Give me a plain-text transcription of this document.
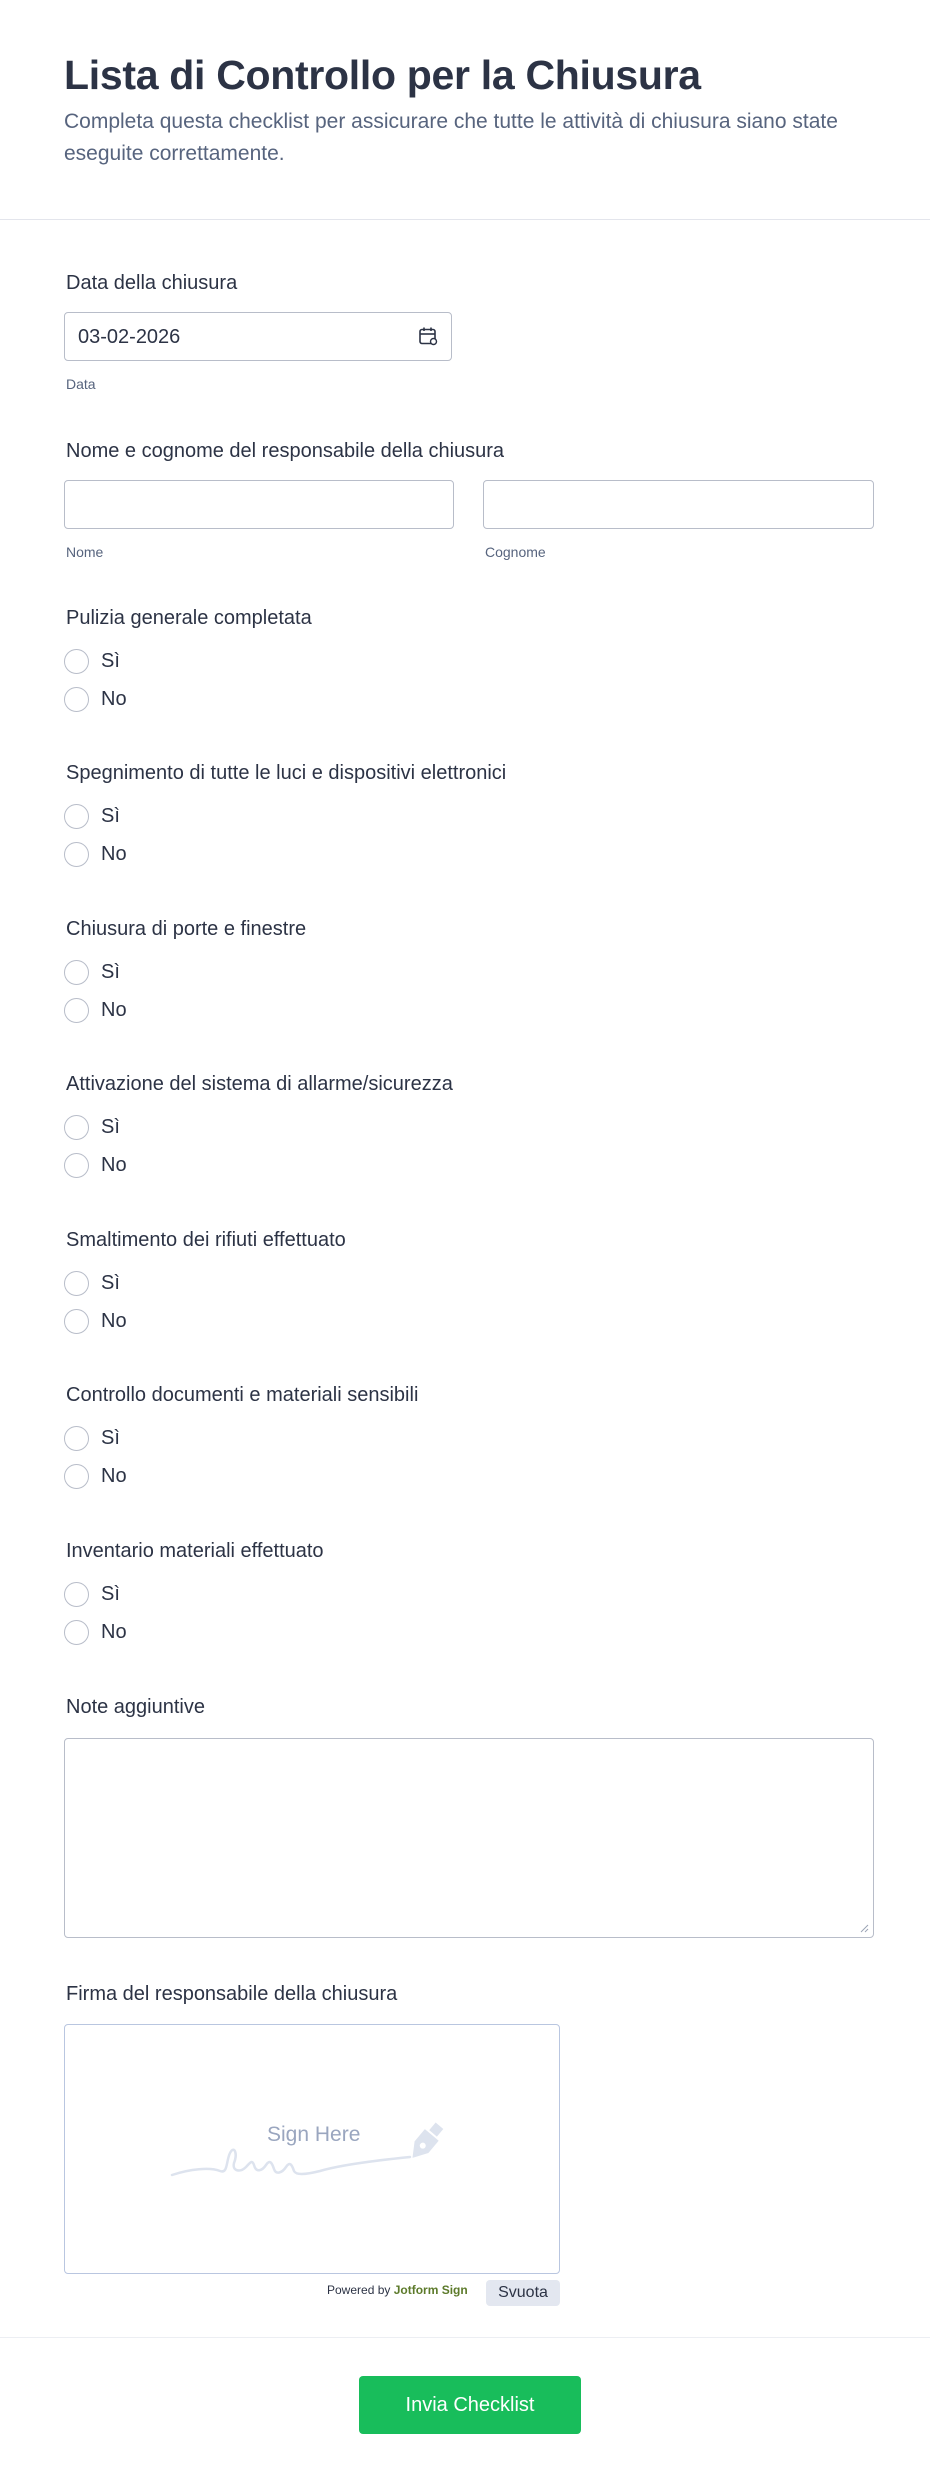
Lista di Controllo per la Chiusura

Completa questa checklist per assicurare che tutte le attività di chiusura siano state eseguite correttamente.

Data della chiusura
03-02-2026
Data
Nome e cognome del responsabile della chiusura
Nome	Cognome
Pulizia generale completata
Sì
No
Spegnimento di tutte le luci e dispositivi elettronici
Sì
No
Chiusura di porte e finestre
Sì
No
Attivazione del sistema di allarme/sicurezza
Sì
No
Smaltimento dei rifiuti effettuato
Sì
No
Controllo documenti e materiali sensibili
Sì
No
Inventario materiali effettuato
Sì
No
Note aggiuntive
Firma del responsabile della chiusura
Sign Here
Powered by Jotform Sign	Svuota
Invia Checklist
